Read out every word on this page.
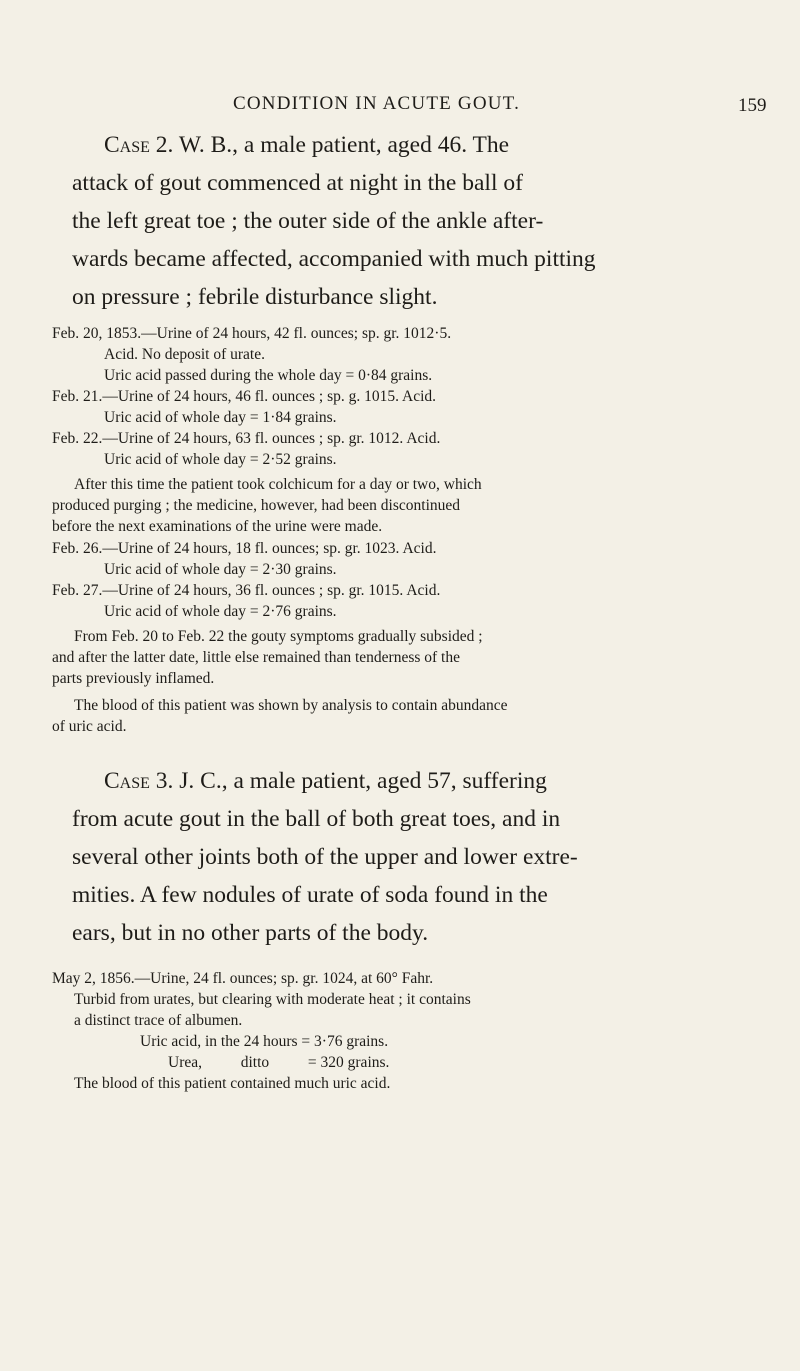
CONDITION IN ACUTE GOUT.	159
Case 2. W. B., a male patient, aged 46. The
attack of gout commenced at night in the ball of
the left great toe ; the outer side of the ankle after-
wards became affected, accompanied with much pitting
on pressure ; febrile disturbance slight.
Feb. 20, 1853.—Urine of 24 hours, 42 fl. ounces; sp. gr. 1012·5.
Acid. No deposit of urate.
Uric acid passed during the whole day = 0·84 grains.
Feb. 21.—Urine of 24 hours, 46 fl. ounces ; sp. g. 1015. Acid.
Uric acid of whole day = 1·84 grains.
Feb. 22.—Urine of 24 hours, 63 fl. ounces ; sp. gr. 1012. Acid.
Uric acid of whole day = 2·52 grains.
After this time the patient took colchicum for a day or two, which
produced purging ; the medicine, however, had been discontinued
before the next examinations of the urine were made.
Feb. 26.—Urine of 24 hours, 18 fl. ounces; sp. gr. 1023. Acid.
Uric acid of whole day = 2·30 grains.
Feb. 27.—Urine of 24 hours, 36 fl. ounces ; sp. gr. 1015. Acid.
Uric acid of whole day = 2·76 grains.
From Feb. 20 to Feb. 22 the gouty symptoms gradually subsided ;
and after the latter date, little else remained than tenderness of the
parts previously inflamed.
The blood of this patient was shown by analysis to contain abundance
of uric acid.
Case 3. J. C., a male patient, aged 57, suffering
from acute gout in the ball of both great toes, and in
several other joints both of the upper and lower extre-
mities. A few nodules of urate of soda found in the
ears, but in no other parts of the body.
May 2, 1856.—Urine, 24 fl. ounces; sp. gr. 1024, at 60° Fahr.
Turbid from urates, but clearing with moderate heat ; it contains
a distinct trace of albumen.
Uric acid, in the 24 hours = 3·76 grains.
Urea,          ditto          = 320 grains.
The blood of this patient contained much uric acid.
